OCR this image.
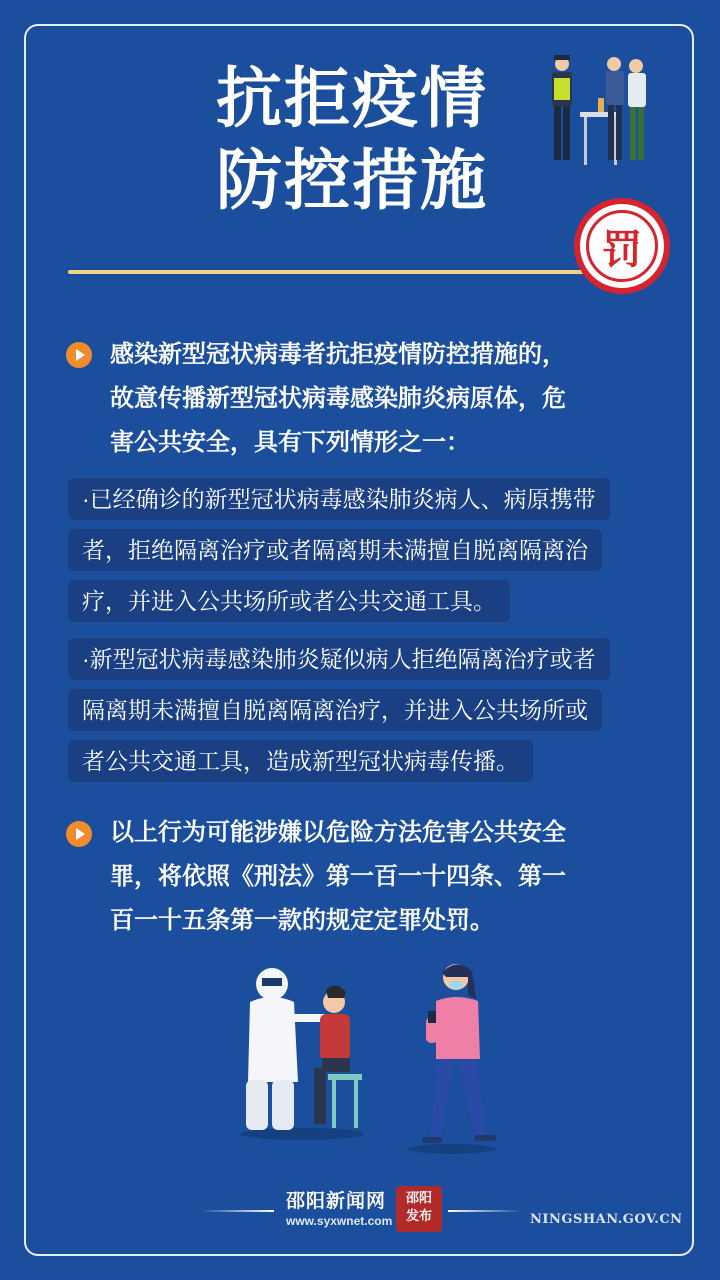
抗拒疫情
防控措施
罚
感染新型冠状病毒者抗拒疫情防控措施的，
故意传播新型冠状病毒感染肺炎病原体，危
害公共安全，具有下列情形之一：
·已经确诊的新型冠状病毒感染肺炎病人、病原携带
者，拒绝隔离治疗或者隔离期未满擅自脱离隔离治
疗，并进入公共场所或者公共交通工具。
·新型冠状病毒感染肺炎疑似病人拒绝隔离治疗或者
隔离期未满擅自脱离隔离治疗，并进入公共场所或
者公共交通工具，造成新型冠状病毒传播。
以上行为可能涉嫌以危险方法危害公共安全
罪，将依照《刑法》第一百一十四条、第一
百一十五条第一款的规定定罪处罚。
邵阳新闻网
www.syxwnet.com
邵阳
发布	NINGSHAN.GOV.CN
